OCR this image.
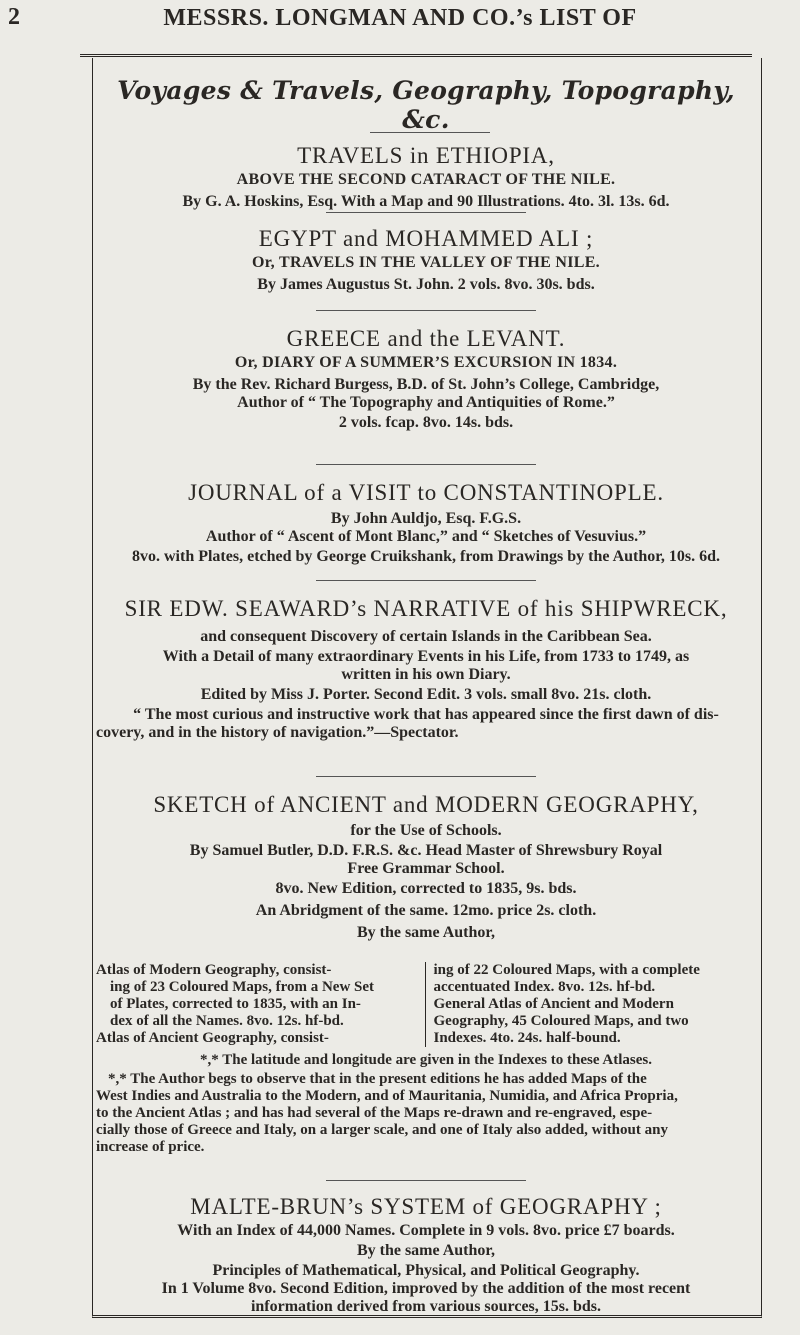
2	MESSRS. LONGMAN AND CO.’s LIST OF
Voyages & Travels, Geography, Topography, &c.
TRAVELS in ETHIOPIA,
ABOVE THE SECOND CATARACT OF THE NILE.
By G. A. Hoskins, Esq. With a Map and 90 Illustrations. 4to. 3l. 13s. 6d.
EGYPT and MOHAMMED ALI ;
Or, TRAVELS IN THE VALLEY OF THE NILE.
By James Augustus St. John. 2 vols. 8vo. 30s. bds.
GREECE and the LEVANT.
Or, DIARY OF A SUMMER’S EXCURSION IN 1834.
By the Rev. Richard Burgess, B.D. of St. John’s College, Cambridge,
Author of “ The Topography and Antiquities of Rome.”
2 vols. fcap. 8vo. 14s. bds.
JOURNAL of a VISIT to CONSTANTINOPLE.
By John Auldjo, Esq. F.G.S.
Author of “ Ascent of Mont Blanc,” and “ Sketches of Vesuvius.”
8vo. with Plates, etched by George Cruikshank, from Drawings by the Author, 10s. 6d.
SIR EDW. SEAWARD’s NARRATIVE of his SHIPWRECK,
and consequent Discovery of certain Islands in the Caribbean Sea.
With a Detail of many extraordinary Events in his Life, from 1733 to 1749, as
written in his own Diary.
Edited by Miss J. Porter. Second Edit. 3 vols. small 8vo. 21s. cloth.
“ The most curious and instructive work that has appeared since the first dawn of dis-
covery, and in the history of navigation.”—Spectator.
SKETCH of ANCIENT and MODERN GEOGRAPHY,
for the Use of Schools.
By Samuel Butler, D.D. F.R.S. &c. Head Master of Shrewsbury Royal
Free Grammar School.
8vo. New Edition, corrected to 1835, 9s. bds.
An Abridgment of the same. 12mo. price 2s. cloth.
By the same Author,
Atlas of Modern Geography, consist-
ing of 23 Coloured Maps, from a New Set
of Plates, corrected to 1835, with an In-
dex of all the Names. 8vo. 12s. hf-bd.
Atlas of Ancient Geography, consist-
ing of 22 Coloured Maps, with a complete
accentuated Index. 8vo. 12s. hf-bd.
General Atlas of Ancient and Modern
Geography, 45 Coloured Maps, and two
Indexes. 4to. 24s. half-bound.
*,* The latitude and longitude are given in the Indexes to these Atlases.
*,* The Author begs to observe that in the present editions he has added Maps of the
West Indies and Australia to the Modern, and of Mauritania, Numidia, and Africa Propria,
to the Ancient Atlas ; and has had several of the Maps re-drawn and re-engraved, espe-
cially those of Greece and Italy, on a larger scale, and one of Italy also added, without any
increase of price.
MALTE-BRUN’s SYSTEM of GEOGRAPHY ;
With an Index of 44,000 Names. Complete in 9 vols. 8vo. price £7 boards.
By the same Author,
Principles of Mathematical, Physical, and Political Geography.
In 1 Volume 8vo. Second Edition, improved by the addition of the most recent
information derived from various sources, 15s. bds.
